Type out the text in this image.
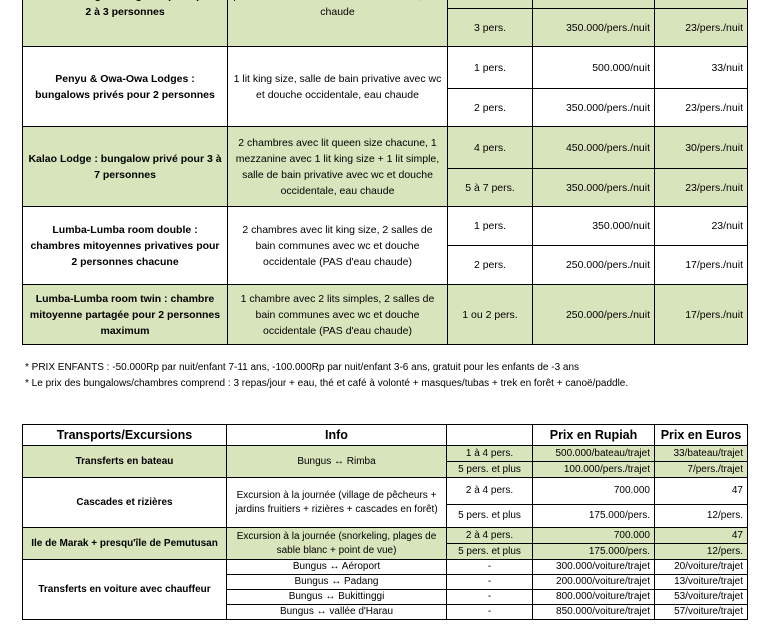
2 à 3 personnes	chaude			
		3 pers.	350.000/pers./nuit	23/pers./nuit
Penyu & Owa-Owa Lodges : bungalows privés pour 2 personnes	1 lit king size, salle de bain privative avec wc et douche occidentale, eau chaude	1 pers.	500.000/nuit	33/nuit
		2 pers.	350.000/pers./nuit	23/pers./nuit
Kalao Lodge : bungalow privé pour 3 à 7 personnes	2 chambres avec lit queen size chacune, 1 mezzanine avec 1 lit king size + 1 lit simple, salle de bain privative avec wc et douche occidentale, eau chaude	4 pers.	450.000/pers./nuit	30/pers./nuit
		5 à 7 pers.	350.000/pers./nuit	23/pers./nuit
Lumba-Lumba room double : chambres mitoyennes privatives pour 2 personnes chacune	2 chambres avec lit king size, 2 salles de bain communes avec wc et douche occidentale (PAS d'eau chaude)	1 pers.	350.000/nuit	23/nuit
		2 pers.	250.000/pers./nuit	17/pers./nuit
Lumba-Lumba room twin : chambre mitoyenne partagée pour 2 personnes maximum	1 chambre avec 2 lits simples, 2 salles de bain communes avec wc et douche occidentale (PAS d'eau chaude)	1 ou 2 pers.	250.000/pers./nuit	17/pers./nuit
* PRIX ENFANTS : -50.000Rp par nuit/enfant 7-11 ans, -100.000Rp par nuit/enfant 3-6 ans, gratuit pour les enfants de -3 ans
* Le prix des bungalows/chambres comprend : 3 repas/jour + eau, thé et café à volonté + masques/tubas + trek en forêt + canoë/paddle.
Transports/Excursions	Info		Prix en Rupiah	Prix en Euros
Transferts en bateau	Bungus ↔ Rimba	1 à 4 pers.	500.000/bateau/trajet	33/bateau/trajet
		5 pers. et plus	100.000/pers./trajet	7/pers./trajet
Cascades et rizières	Excursion à la journée (village de pêcheurs + jardins fruitiers + rizières + cascades en forêt)	2 à 4 pers.	700.000	47
		5 pers. et plus	175.000/pers.	12/pers.
Ile de Marak + presqu'île de Pemutusan	Excursion à la journée (snorkeling, plages de sable blanc + point de vue)	2 à 4 pers.	700.000	47
		5 pers. et plus	175.000/pers.	12/pers.
Transferts en voiture avec chauffeur	Bungus ↔ Aéroport	-	300.000/voiture/trajet	20/voiture/trajet
	Bungus ↔ Padang	-	200.000/voiture/trajet	13/voiture/trajet
	Bungus ↔ Bukittinggi	-	800.000/voiture/trajet	53/voiture/trajet
	Bungus ↔ vallée d'Harau	-	850.000/voiture/trajet	57/voiture/trajet
